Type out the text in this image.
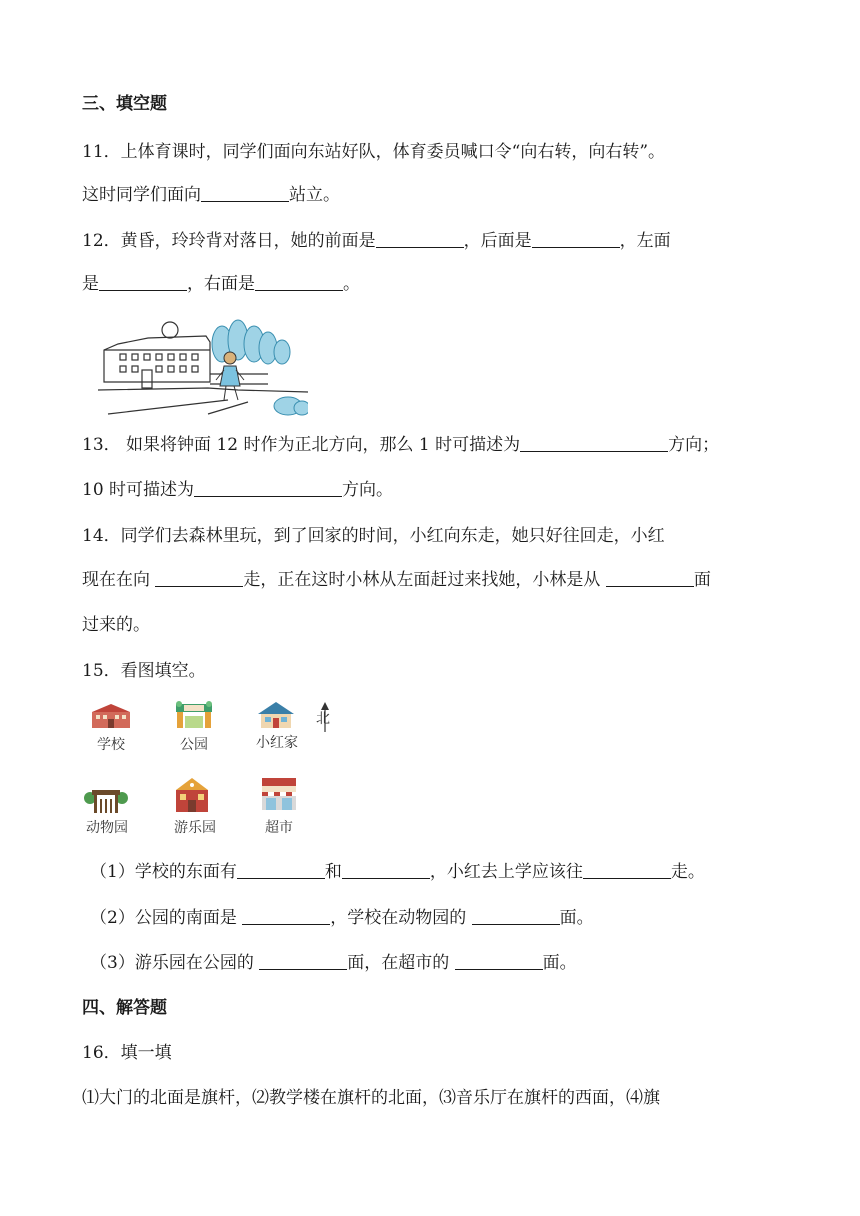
三、填空题
11．上体育课时，同学们面向东站好队，体育委员喊口令“向右转，向右转”。
这时同学们面向	站立。
12．黄昏，玲玲背对落日，她的前面是	，后面是	，左面
是	，右面是	。
13． 如果将钟面 12 时作为正北方向，那么 1 时可描述为	方向；
10 时可描述为	方向。
14．同学们去森林里玩，到了回家的时间，小红向东走，她只好往回走，小红
现在在向	走，正在这时小林从左面赶过来找她，小林是从	面
过来的。
15．看图填空。
学校	公园	小红家
北
动物园	游乐园	超市
（1）学校的东面有	和	，小红去上学应该往	走。
（2）公园的南面是	，学校在动物园的	面。
（3）游乐园在公园的	面，在超市的	面。
四、解答题
16．填一填
⑴大门的北面是旗杆，⑵教学楼在旗杆的北面，⑶音乐厅在旗杆的西面，⑷旗
